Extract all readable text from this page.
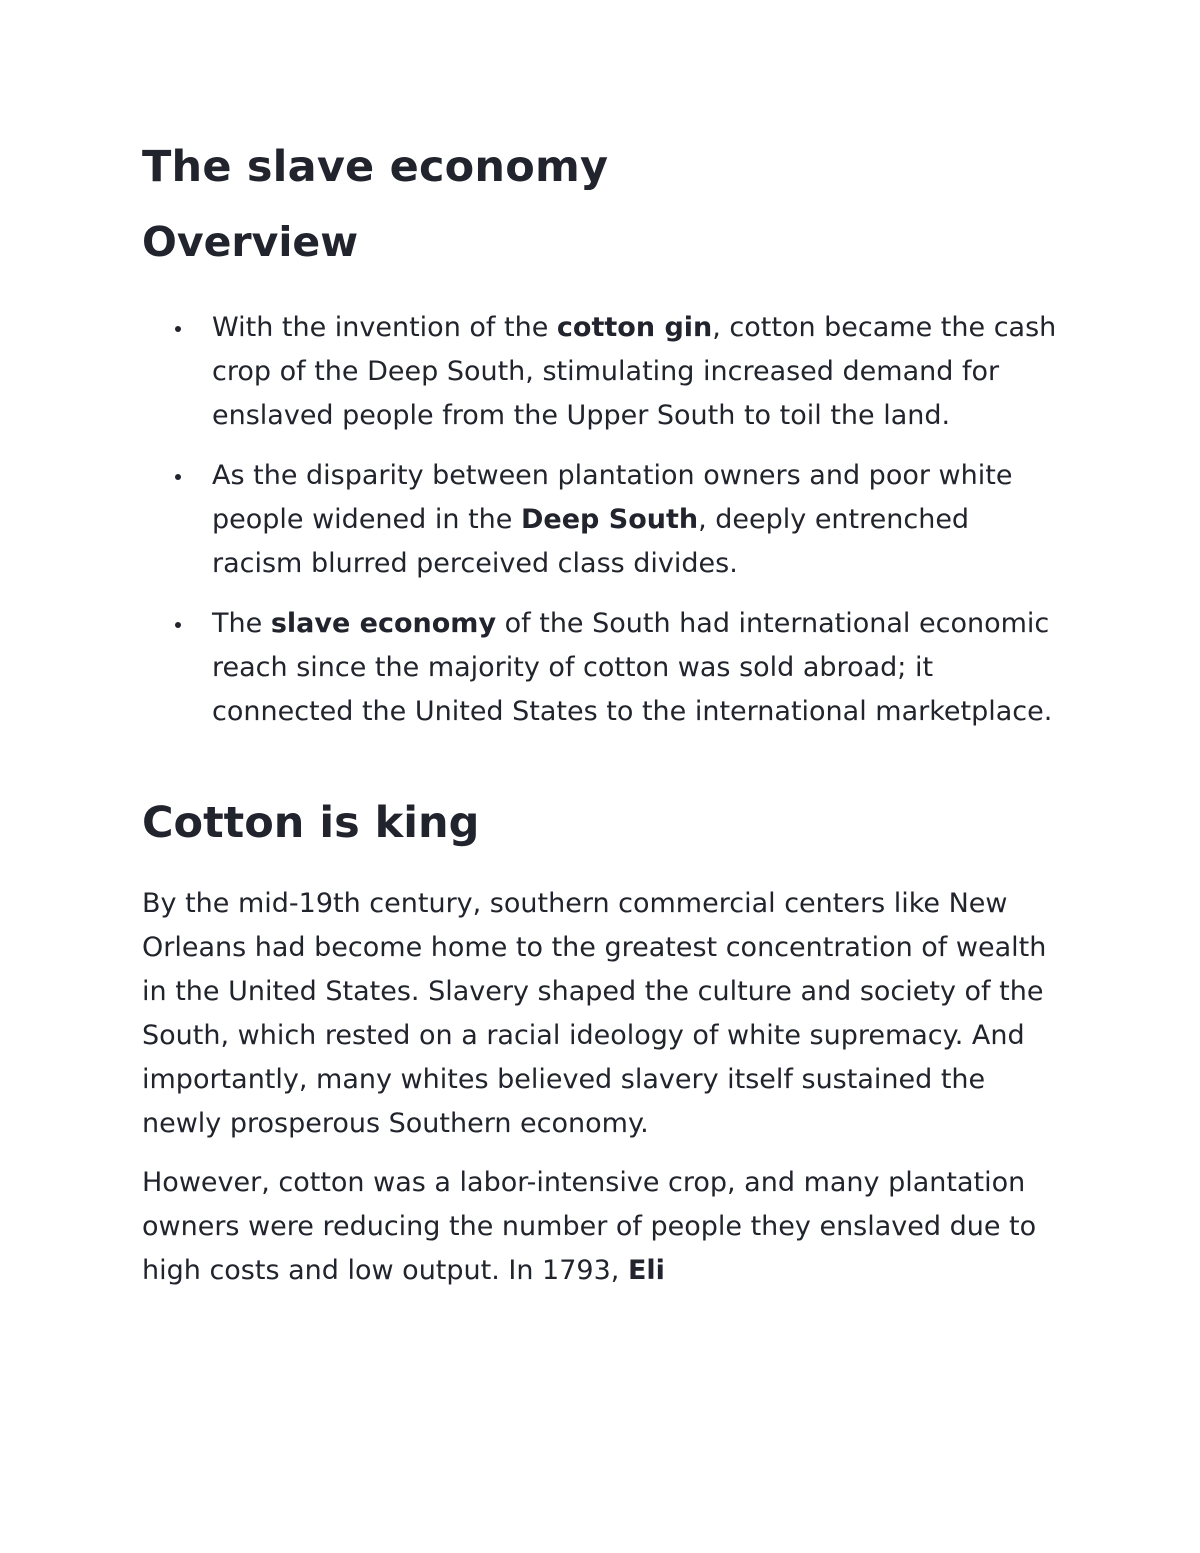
The slave economy
Overview
With the invention of the cotton gin, cotton became the cash crop of the Deep South, stimulating increased demand for enslaved people from the Upper South to toil the land.
As the disparity between plantation owners and poor white people widened in the Deep South, deeply entrenched racism blurred perceived class divides.
The slave economy of the South had international economic reach since the majority of cotton was sold abroad; it connected the United States to the international marketplace.
Cotton is king

By the mid-19th century, southern commercial centers like New Orleans had become home to the greatest concentration of wealth in the United States. Slavery shaped the culture and society of the South, which rested on a racial ideology of white supremacy. And importantly, many whites believed slavery itself sustained the newly prosperous Southern economy.

However, cotton was a labor-intensive crop, and many plantation owners were reducing the number of people they enslaved due to high costs and low output. In 1793, Eli
